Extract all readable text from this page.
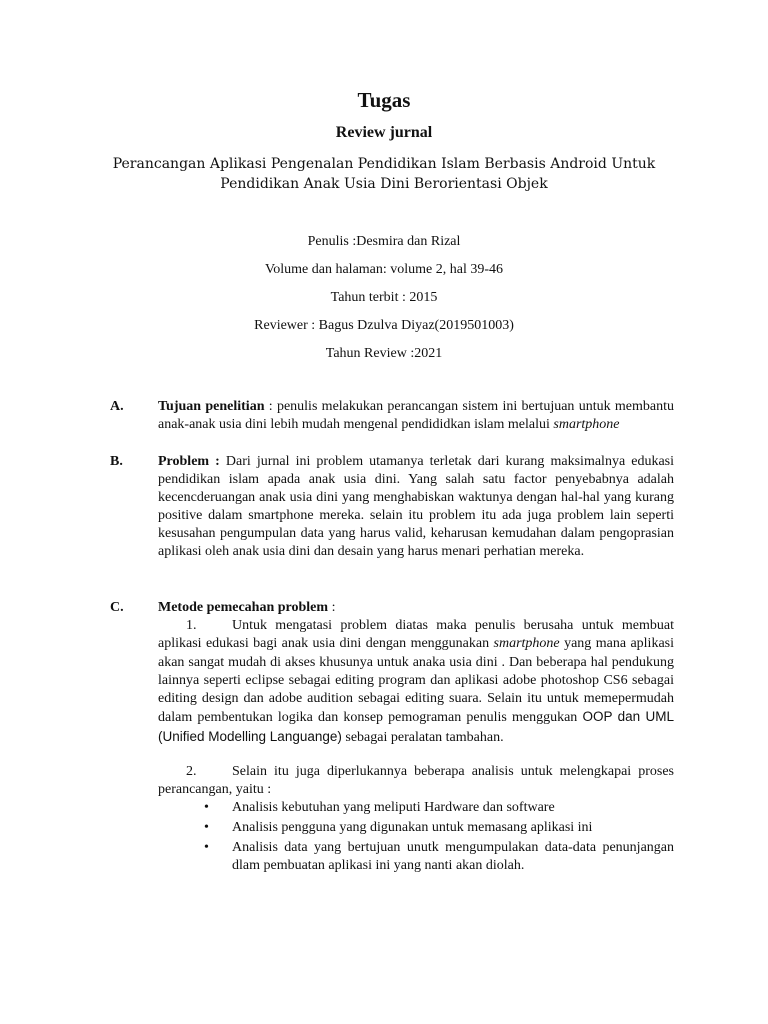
Tugas
Review jurnal
Perancangan Aplikasi Pengenalan Pendidikan Islam Berbasis Android Untuk Pendidikan Anak Usia Dini Berorientasi Objek
Penulis :Desmira dan Rizal
Volume dan halaman: volume 2, hal 39-46
Tahun terbit : 2015
Reviewer : Bagus Dzulva Diyaz(2019501003)
Tahun Review :2021
A. Tujuan penelitian : penulis melakukan perancangan sistem ini bertujuan untuk membantu anak-anak usia dini lebih mudah mengenal pendididkan islam melalui smartphone
B.	Problem : Dari jurnal ini problem utamanya terletak dari kurang maksimalnya edukasi pendidikan islam apada anak usia dini. Yang salah satu factor penyebabnya adalah kecencderuangan anak usia dini yang menghabiskan waktunya dengan hal-hal yang kurang positive dalam smartphone mereka. selain itu problem itu ada juga problem lain seperti kesusahan pengumpulan data yang harus valid, keharusan kemudahan dalam pengoprasian aplikasi oleh anak usia dini dan desain yang harus menari perhatian mereka.
C. Metode pemecahan problem :
1.	Untuk mengatasi problem diatas maka penulis berusaha untuk membuat aplikasi edukasi bagi anak usia dini dengan menggunakan smartphone yang mana aplikasi akan sangat mudah di akses khusunya untuk anaka usia dini . Dan beberapa hal pendukung lainnya seperti eclipse sebagai editing program dan aplikasi adobe photoshop CS6 sebagai editing design dan adobe audition sebagai editing suara. Selain itu untuk memepermudah dalam pembentukan logika dan konsep pemograman penulis menggukan OOP dan UML (Unified Modelling Languange) sebagai peralatan tambahan.
2.	Selain itu juga diperlukannya beberapa analisis untuk melengkapai proses perancangan, yaitu :
• Analisis kebutuhan yang meliputi Hardware dan software
• Analisis pengguna yang digunakan untuk memasang aplikasi ini
• Analisis data yang bertujuan unutk mengumpulakan data-data penunjangan dlam pembuatan aplikasi ini yang nanti akan diolah.
